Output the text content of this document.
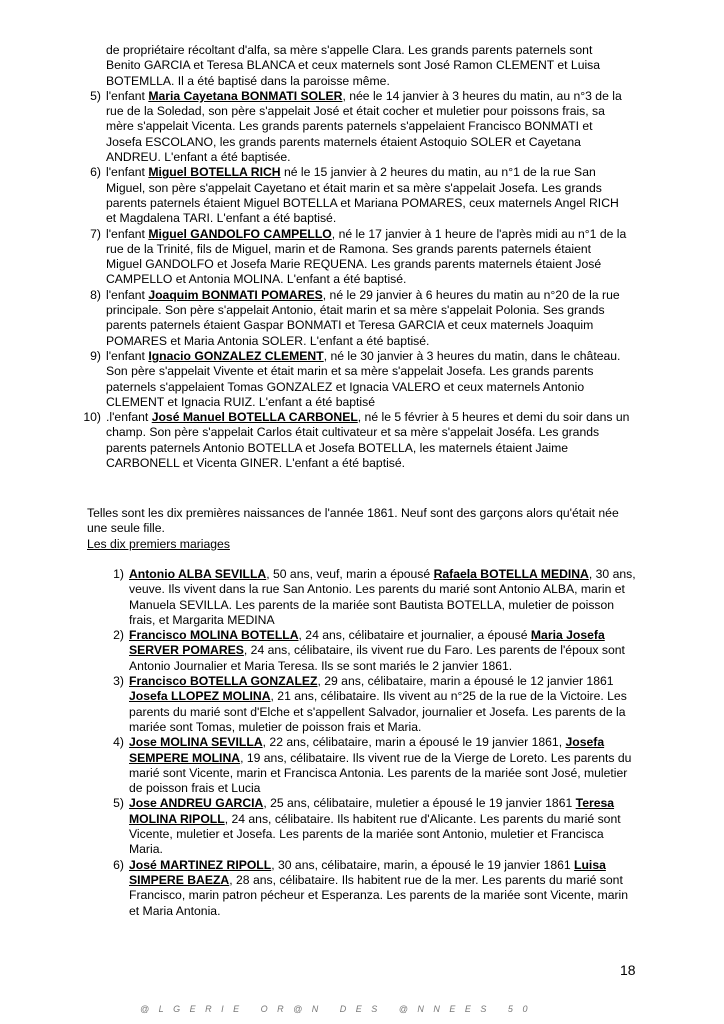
de propriétaire récoltant d'alfa, sa mère s'appelle Clara. Les grands parents paternels sont Benito GARCIA et Teresa BLANCA et ceux maternels sont José Ramon CLEMENT et Luisa BOTEMLLA. Il a été baptisé dans la paroisse même.
5) l'enfant Maria Cayetana BONMATI SOLER, née le 14 janvier à 3 heures du matin, au n°3 de la rue de la Soledad, son père s'appelait José et était cocher et muletier pour poissons frais, sa mère s'appelait Vicenta. Les grands parents paternels s'appelaient Francisco BONMATI et Josefa ESCOLANO, les grands parents maternels étaient Astoquio SOLER et Cayetana ANDREU. L'enfant a été baptisée.
6) l'enfant Miguel BOTELLA RICH né le 15 janvier à 2 heures du matin, au n°1 de la rue San Miguel, son père s'appelait Cayetano et était marin et sa mère s'appelait Josefa. Les grands parents paternels étaient Miguel BOTELLA et Mariana POMARES, ceux maternels Angel RICH et Magdalena TARI. L'enfant a été baptisé.
7) l'enfant Miguel GANDOLFO CAMPELLO, né le 17 janvier à 1 heure de l'après midi au n°1 de la rue de la Trinité, fils de Miguel, marin et de Ramona. Ses grands parents paternels étaient Miguel GANDOLFO et Josefa Marie REQUENA. Les grands parents maternels étaient José CAMPELLO et Antonia MOLINA. L'enfant a été baptisé.
8) l'enfant Joaquim BONMATI POMARES, né le 29 janvier à 6 heures du matin au n°20 de la rue principale. Son père s'appelait Antonio, était marin et sa mère s'appelait Polonia. Ses grands parents paternels étaient Gaspar BONMATI et Teresa GARCIA et ceux maternels Joaquim POMARES et Maria Antonia SOLER. L'enfant a été baptisé.
9) l'enfant Ignacio GONZALEZ CLEMENT, né le 30 janvier à 3 heures du matin, dans le château. Son père s'appelait Vivente et était marin et sa mère s'appelait Josefa. Les grands parents paternels s'appelaient Tomas GONZALEZ et Ignacia VALERO et ceux maternels Antonio CLEMENT et Ignacia RUIZ. L'enfant a été baptisé
10) .l'enfant José Manuel BOTELLA CARBONEL, né le 5 février à 5 heures et demi du soir dans un champ. Son père s'appelait Carlos était cultivateur et sa mère s'appelait Joséfa. Les grands parents paternels Antonio BOTELLA et Josefa BOTELLA, les maternels étaient Jaime CARBONELL et Vicenta GINER. L'enfant a été baptisé.
Telles sont les dix premières naissances de l'année 1861. Neuf sont des garçons alors qu'était née une seule fille.
Les dix premiers mariages
1) Antonio ALBA SEVILLA, 50 ans, veuf, marin a épousé Rafaela BOTELLA MEDINA, 30 ans, veuve. Ils vivent dans la rue San Antonio. Les parents du marié sont Antonio ALBA, marin et Manuela SEVILLA. Les parents de la mariée sont Bautista BOTELLA, muletier de poisson frais, et Margarita MEDINA
2) Francisco MOLINA BOTELLA, 24 ans, célibataire et journalier, a épousé Maria Josefa SERVER POMARES, 24 ans, célibataire, ils vivent rue du Faro. Les parents de l'époux sont Antonio Journalier et Maria Teresa. Ils se sont mariés le 2 janvier 1861.
3) Francisco BOTELLA GONZALEZ, 29 ans, célibataire, marin a épousé le 12 janvier 1861 Josefa LLOPEZ MOLINA, 21 ans, célibataire. Ils vivent au n°25 de la rue de la Victoire. Les parents du marié sont d'Elche et s'appellent Salvador, journalier et Josefa. Les parents de la mariée sont Tomas, muletier de poisson frais et Maria.
4) Jose MOLINA SEVILLA, 22 ans, célibataire, marin a épousé le 19 janvier 1861, Josefa SEMPERE MOLINA, 19 ans, célibataire. Ils vivent rue de la Vierge de Loreto. Les parents du marié sont Vicente, marin et Francisca Antonia. Les parents de la mariée sont José, muletier de poisson frais et Lucia
5) Jose ANDREU GARCIA, 25 ans, célibataire, muletier a épousé le 19 janvier 1861 Teresa MOLINA RIPOLL, 24 ans, célibataire. Ils habitent rue d'Alicante. Les parents du marié sont Vicente, muletier et Josefa. Les parents de la mariée sont Antonio, muletier et Francisca Maria.
6) José MARTINEZ RIPOLL, 30 ans, célibataire, marin, a épousé le 19 janvier 1861 Luisa SIMPERE BAEZA, 28 ans, célibataire. Ils habitent rue de la mer. Les parents du marié sont Francisco, marin patron pécheur et Esperanza. Les parents de la mariée sont Vicente, marin et Maria Antonia.
18
@LGERIE OR@N DES @NNEES 50
